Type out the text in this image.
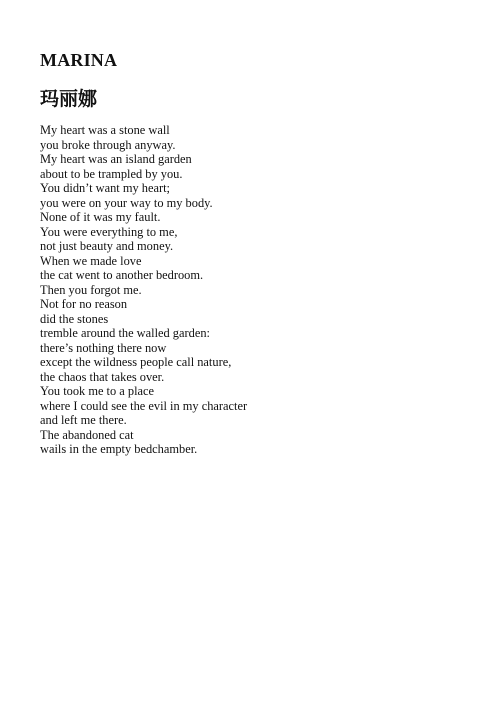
MARINA
玛丽娜
My heart was a stone wall
you broke through anyway.
My heart was an island garden
about to be trampled by you.
You didn’t want my heart;
you were on your way to my body.
None of it was my fault.
You were everything to me,
not just beauty and money.
When we made love
the cat went to another bedroom.
Then you forgot me.
Not for no reason
did the stones
tremble around the walled garden:
there’s nothing there now
except the wildness people call nature,
the chaos that takes over.
You took me to a place
where I could see the evil in my character
and left me there.
The abandoned cat
wails in the empty bedchamber.
